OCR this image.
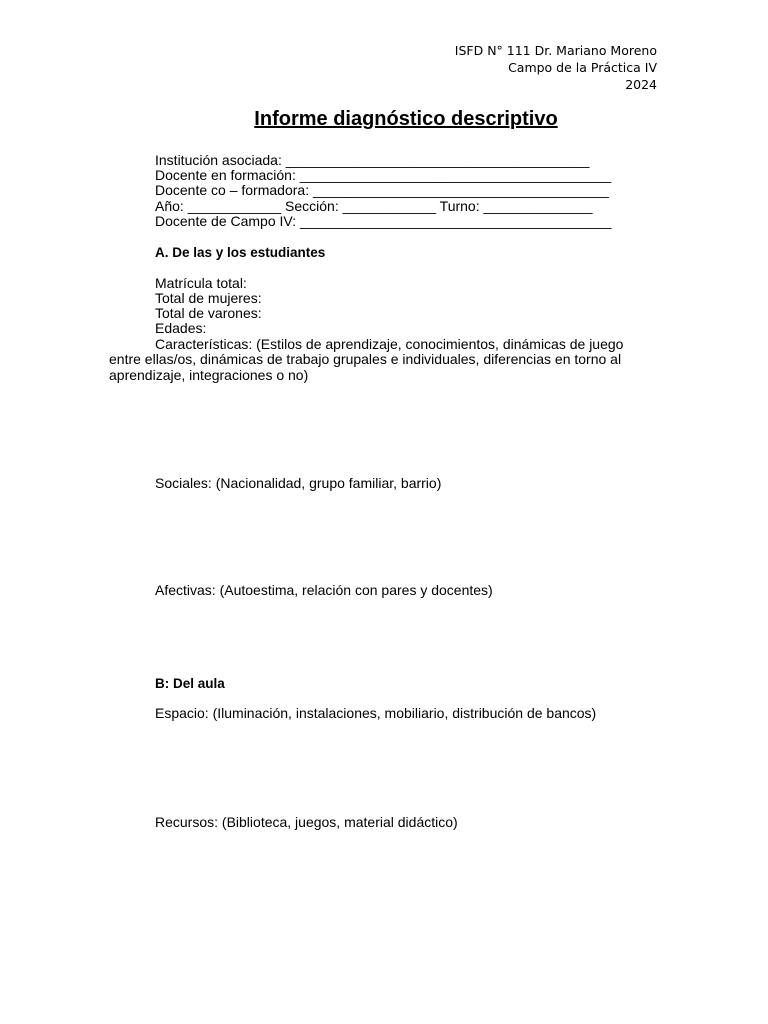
ISFD N° 111 Dr. Mariano Moreno
Campo de la Práctica IV
2024
Informe diagnóstico descriptivo
Institución asociada: _______________________________________
Docente en formación: ________________________________________
Docente co – formadora: ______________________________________
Año: ____________ Sección: ____________ Turno: ______________
Docente de Campo IV: ________________________________________
A. De las y los estudiantes
Matrícula total:
Total de mujeres:
Total de varones:
Edades:
Características: (Estilos de aprendizaje, conocimientos, dinámicas de juego
entre ellas/os, dinámicas de trabajo grupales e individuales, diferencias en torno al
aprendizaje, integraciones o no)
Sociales: (Nacionalidad, grupo familiar, barrio)
Afectivas: (Autoestima, relación con pares y docentes)
B: Del aula
Espacio: (Iluminación, instalaciones, mobiliario, distribución de bancos)
Recursos: (Biblioteca, juegos, material didáctico)
